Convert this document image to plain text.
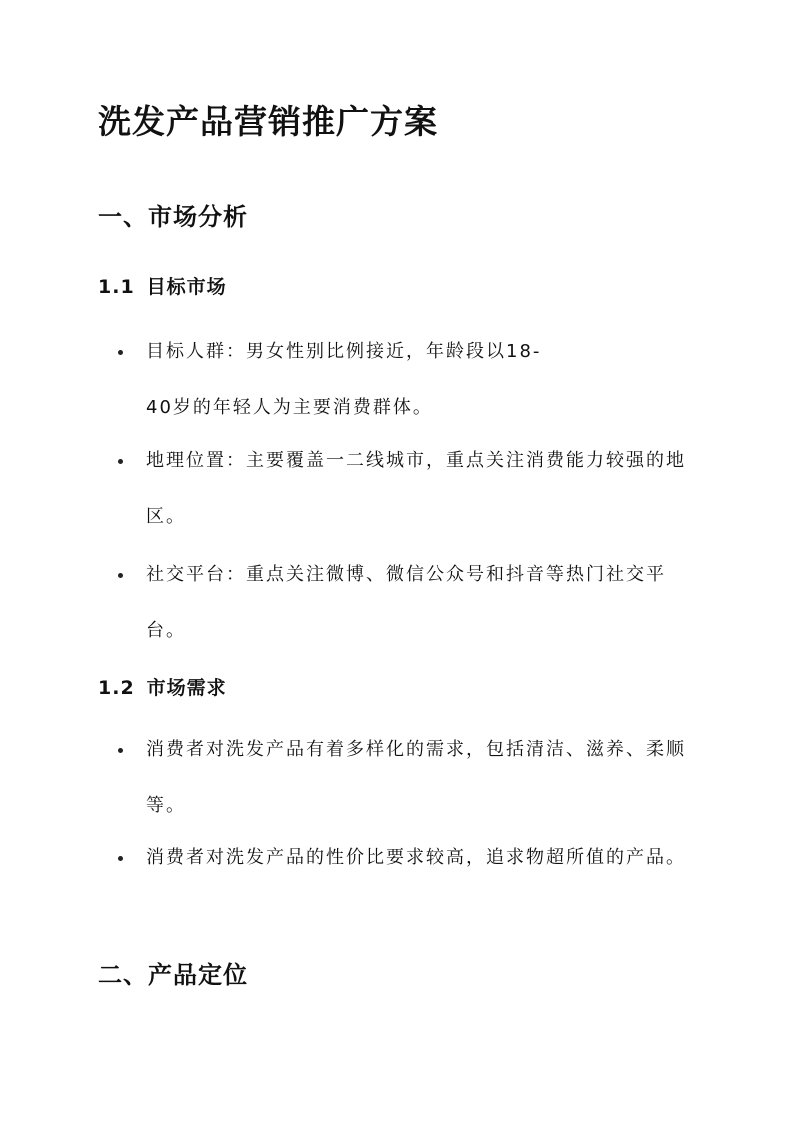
洗发产品营销推广方案
一、市场分析
1.1 目标市场
目标人群：男女性别比例接近，年龄段以18-
40岁的年轻人为主要消费群体。
地理位置：主要覆盖一二线城市，重点关注消费能力较强的地区。
社交平台：重点关注微博、微信公众号和抖音等热门社交平台。
1.2 市场需求
消费者对洗发产品有着多样化的需求，包括清洁、滋养、柔顺等。
消费者对洗发产品的性价比要求较高，追求物超所值的产品。
二、产品定位
